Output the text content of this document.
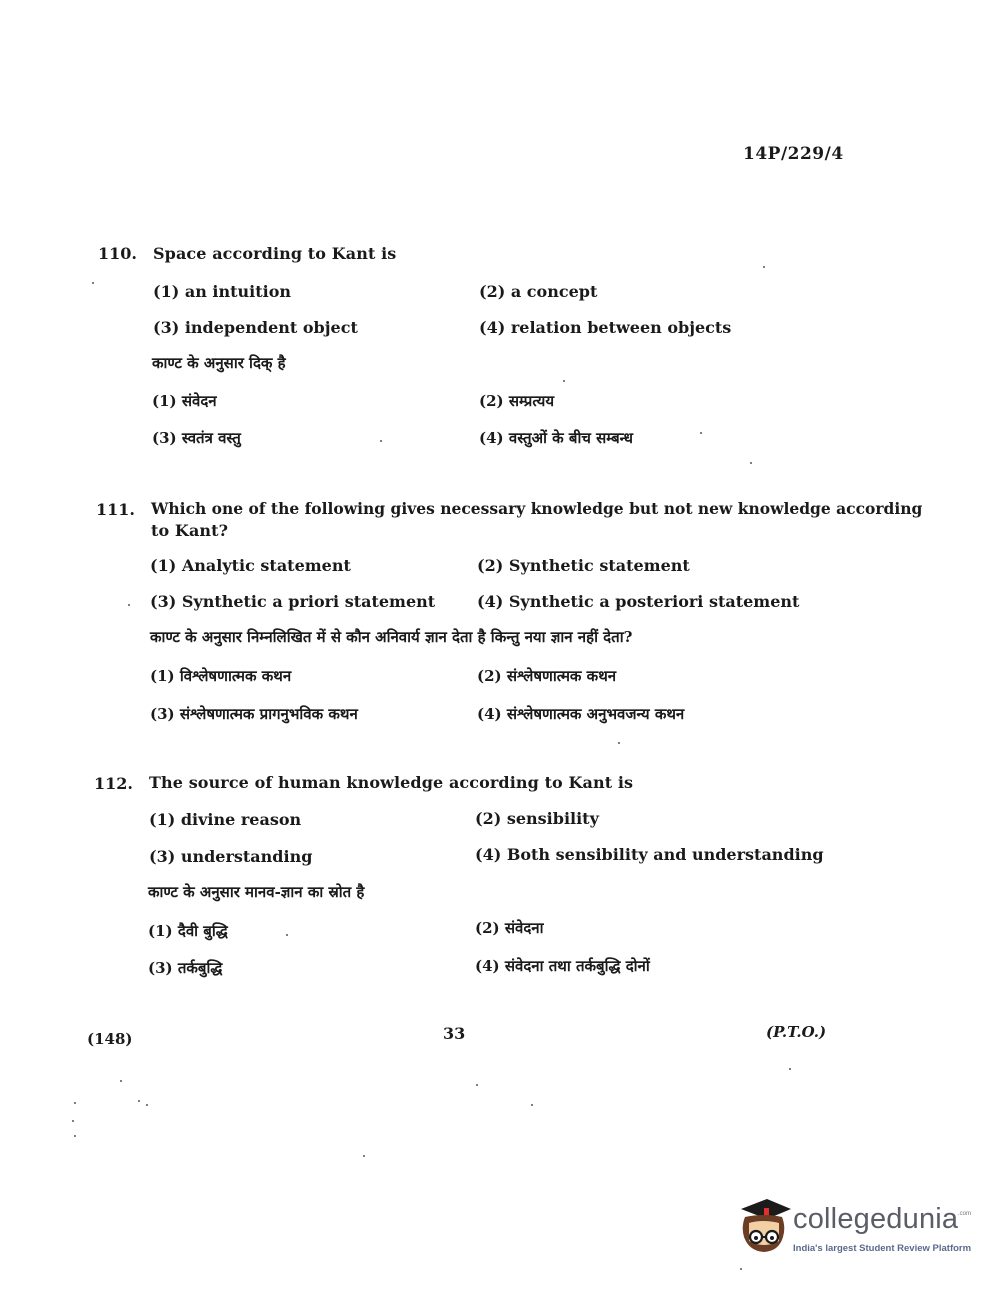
14P/229/4
110. Space according to Kant is
(1) an intuition	(2) a concept
(3) independent object	(4) relation between objects
काण्ट के अनुसार दिक् है
(1) संवेदन	(2) सम्प्रत्यय
(3) स्वतंत्र वस्तु	(4) वस्तुओं के बीच सम्बन्ध
111. Which one of the following gives necessary knowledge but not new knowledge according
to Kant?
(1) Analytic statement	(2) Synthetic statement
(3) Synthetic a priori statement	(4) Synthetic a posteriori statement
काण्ट के अनुसार निम्नलिखित में से कौन अनिवार्य ज्ञान देता है किन्तु नया ज्ञान नहीं देता?
(1) विश्लेषणात्मक कथन	(2) संश्लेषणात्मक कथन
(3) संश्लेषणात्मक प्रागनुभविक कथन	(4) संश्लेषणात्मक अनुभवजन्य कथन
112. The source of human knowledge according to Kant is
(1) divine reason	(2) sensibility
(3) understanding	(4) Both sensibility and understanding
काण्ट के अनुसार मानव-ज्ञान का स्रोत है
(1) दैवी बुद्धि	(2) संवेदना
(3) तर्कबुद्धि	(4) संवेदना तथा तर्कबुद्धि दोनों
(148)	33	(P.T.O.)
collegedunia .com
India's largest Student Review Platform
